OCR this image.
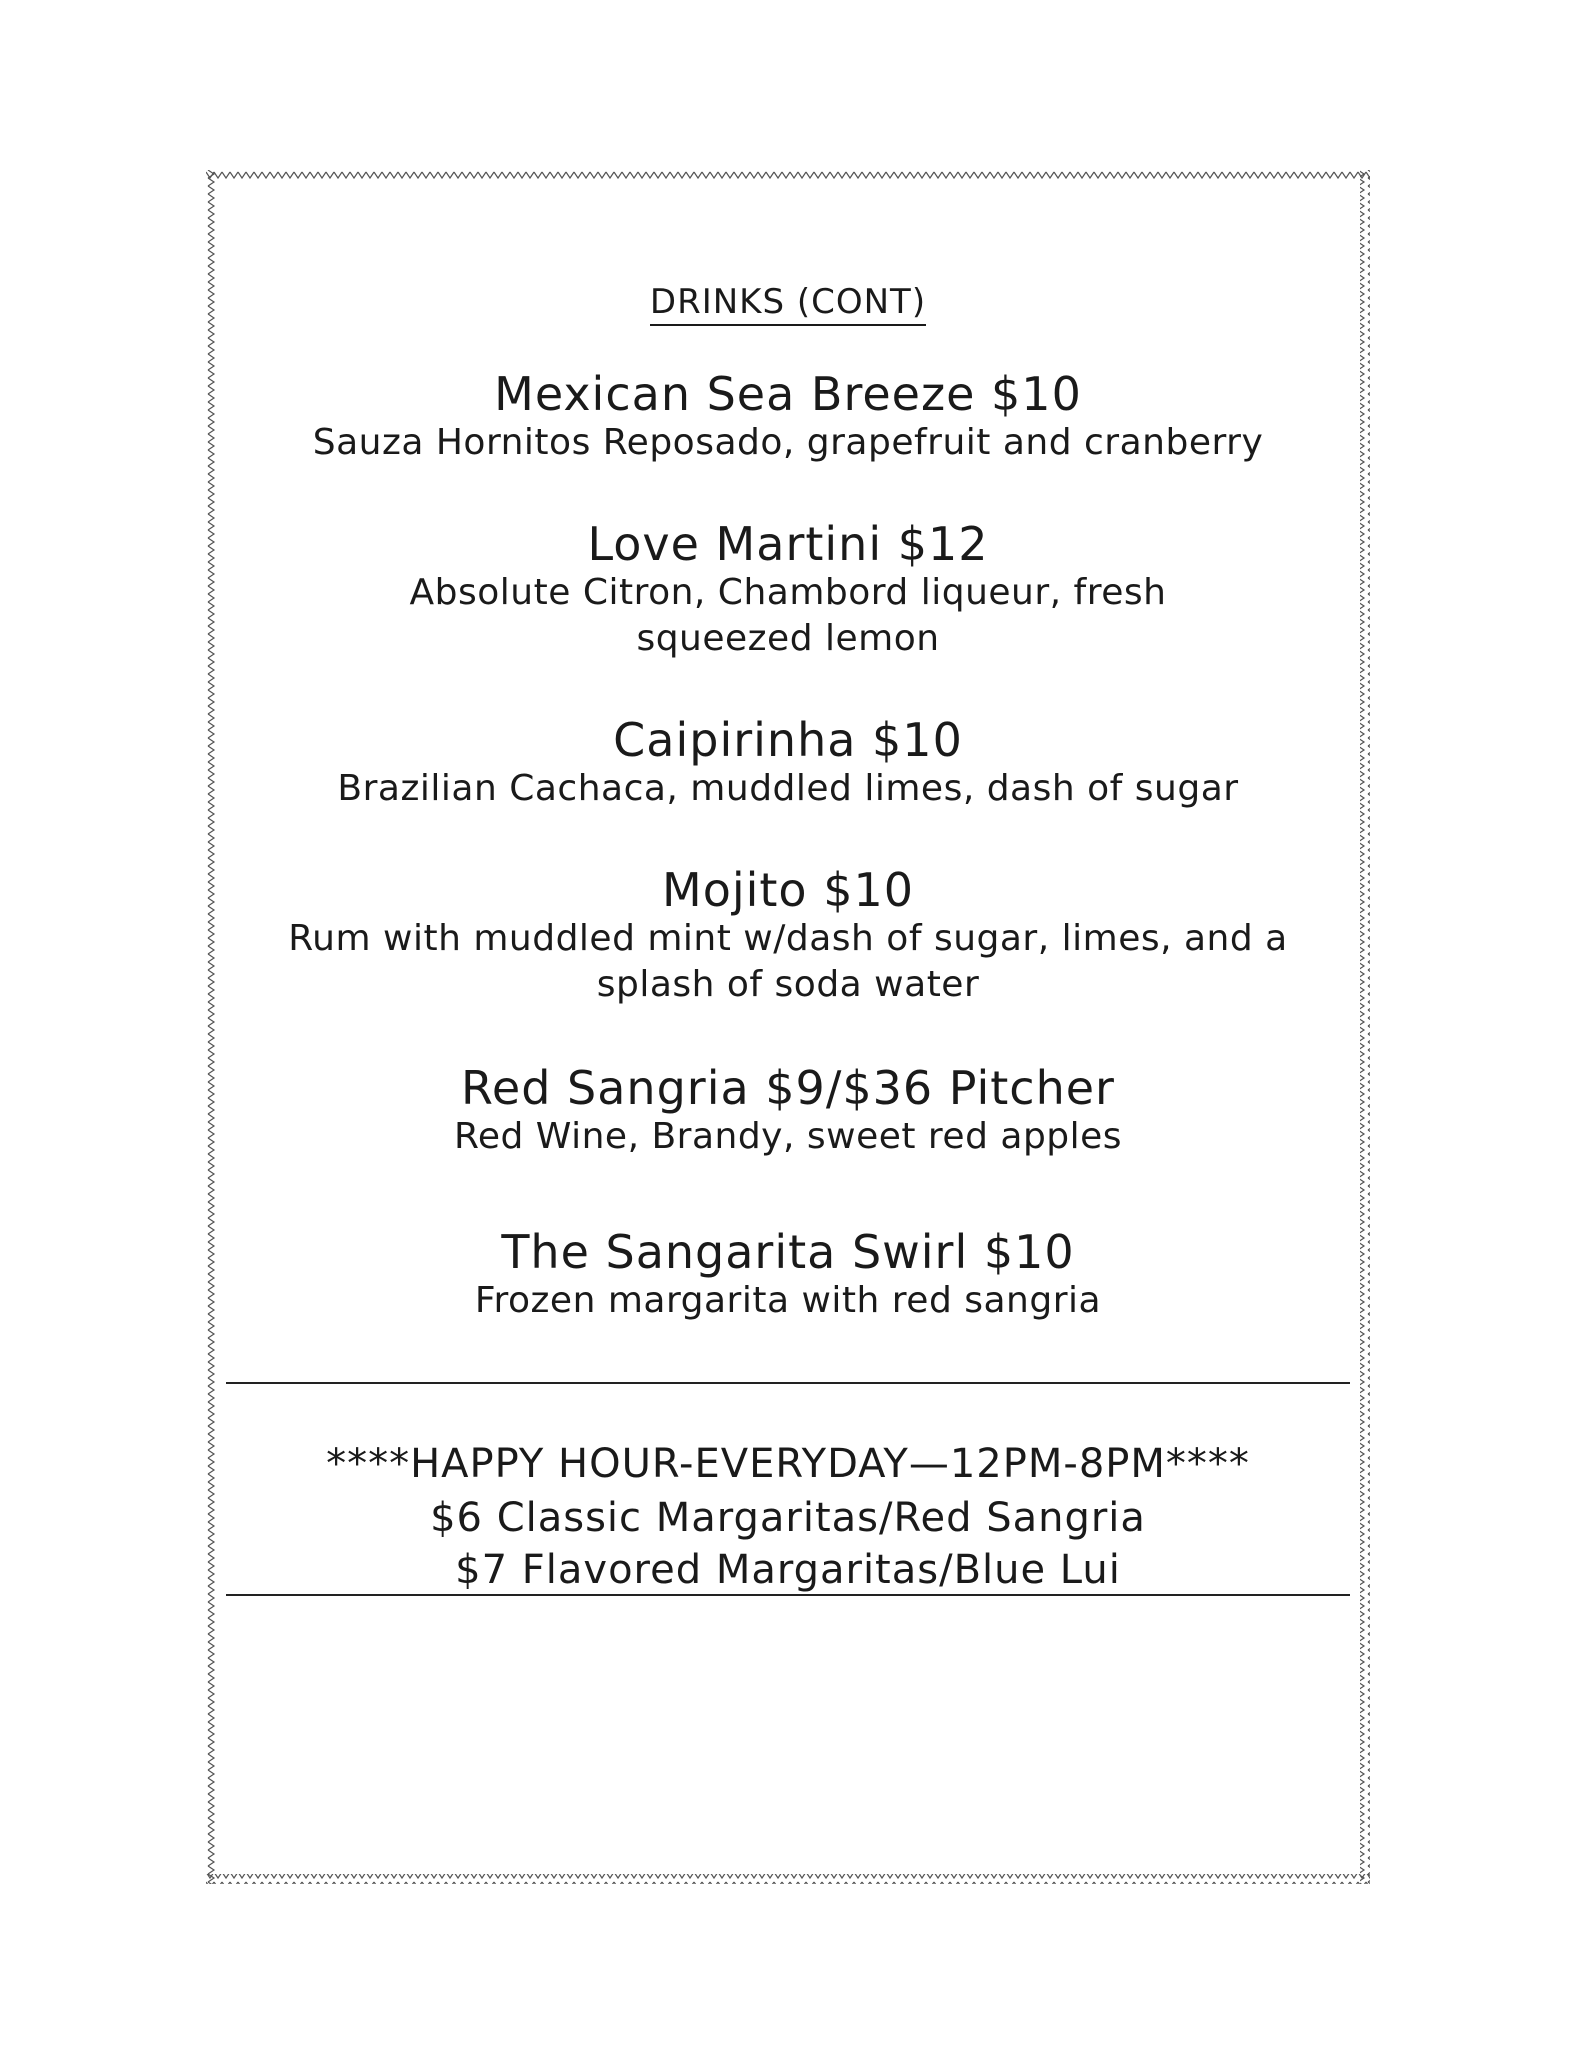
DRINKS (CONT)
Mexican Sea Breeze $10
Sauza Hornitos Reposado, grapefruit and cranberry
Love Martini $12
Absolute Citron, Chambord liqueur, fresh squeezed lemon
Caipirinha $10
Brazilian Cachaca, muddled limes, dash of sugar
Mojito $10
Rum with muddled mint w/dash of sugar, limes, and a splash of soda water
Red Sangria $9/$36 Pitcher
Red Wine, Brandy, sweet red apples
The Sangarita Swirl $10
Frozen margarita with red sangria
****HAPPY HOUR-EVERYDAY—12PM-8PM****
$6 Classic Margaritas/Red Sangria
$7 Flavored Margaritas/Blue Lui
